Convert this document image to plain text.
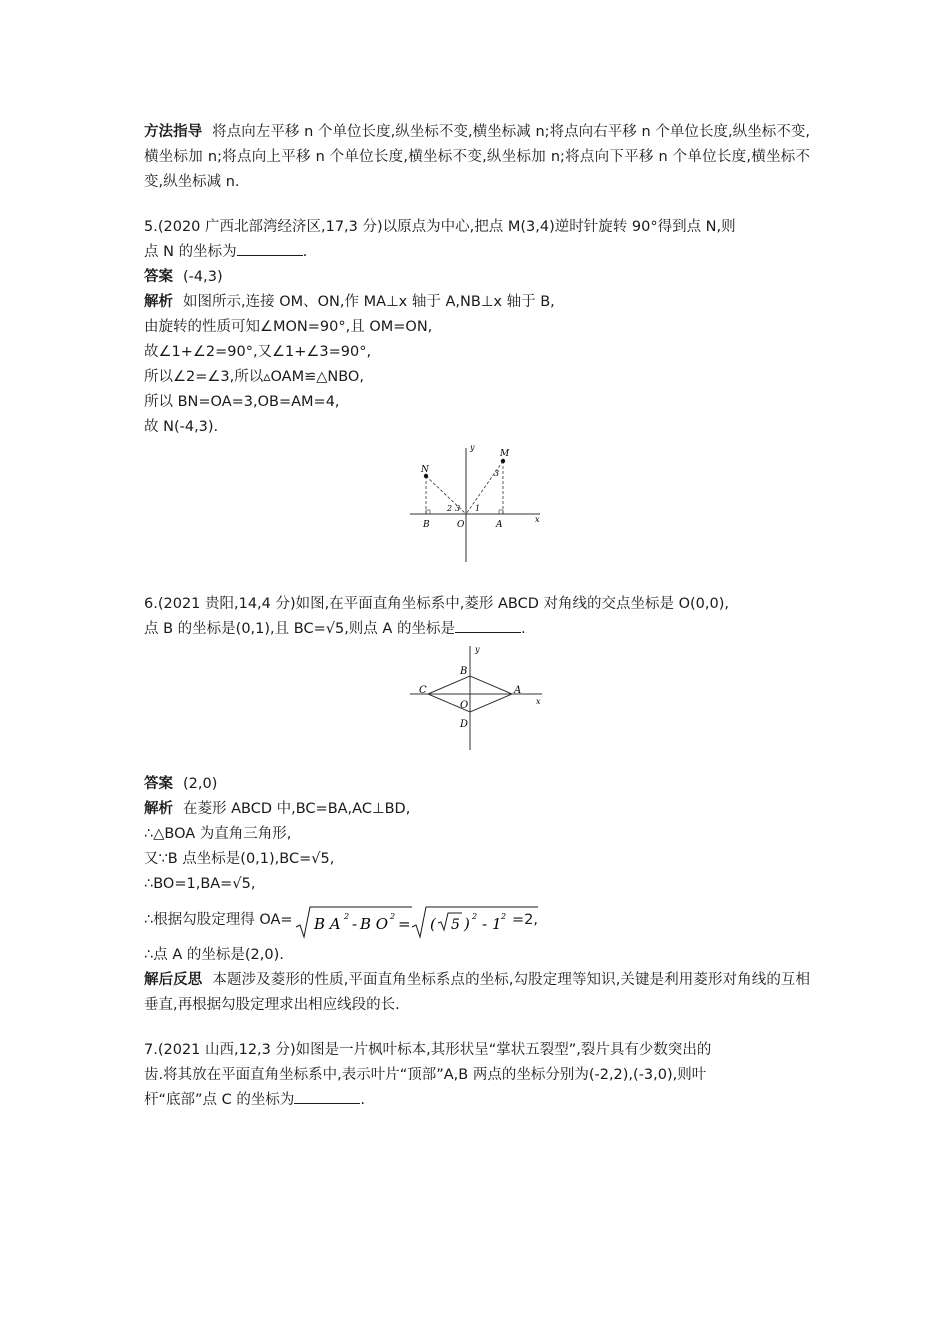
方法指导 将点向左平移 n 个单位长度,纵坐标不变,横坐标减 n;将点向右平移 n 个单位长度,纵坐标不变,横坐标加 n;将点向上平移 n 个单位长度,横坐标不变,纵坐标加 n;将点向下平移 n 个单位长度,横坐标不变,纵坐标减 n.

5.(2020 广西北部湾经济区,17,3 分)以原点为中心,把点 M(3,4)逆时针旋转 90°得到点 N,则

点 N 的坐标为	.

答案 (-4,3)

解析 如图所示,连接 OM、ON,作 MA⊥x 轴于 A,NB⊥x 轴于 B,

由旋转的性质可知∠MON=90°,且 OM=ON,

故∠1+∠2=90°,又∠1+∠3=90°,

所以∠2=∠3,所以▵OAM≌△NBO,

所以 BN=OA=3,OB=AM=4,

故 N(-4,3).

N
M
y
x
B	O	A
2 3 1
3

6.(2021 贵阳,14,4 分)如图,在平面直角坐标系中,菱形 ABCD 对角线的交点坐标是 O(0,0),

点 B 的坐标是(0,1),且 BC=√5,则点 A 的坐标是	.

y
x
B
C	A
O
D

答案 (2,0)

解析 在菱形 ABCD 中,BC=BA,AC⊥BD,

∴△BOA 为直角三角形,

又∵B 点坐标是(0,1),BC=√5,

∴BO=1,BA=√5,

∴根据勾股定理得 OA= B A 2 - B O 2 = ( 5 ) 2 - 1 2 =2,

∴点 A 的坐标是(2,0).

解后反思 本题涉及菱形的性质,平面直角坐标系点的坐标,勾股定理等知识,关键是利用菱形对角线的互相垂直,再根据勾股定理求出相应线段的长.

7.(2021 山西,12,3 分)如图是一片枫叶标本,其形状呈“掌状五裂型”,裂片具有少数突出的

齿.将其放在平面直角坐标系中,表示叶片“顶部”A,B 两点的坐标分别为(-2,2),(-3,0),则叶

杆“底部”点 C 的坐标为	.
